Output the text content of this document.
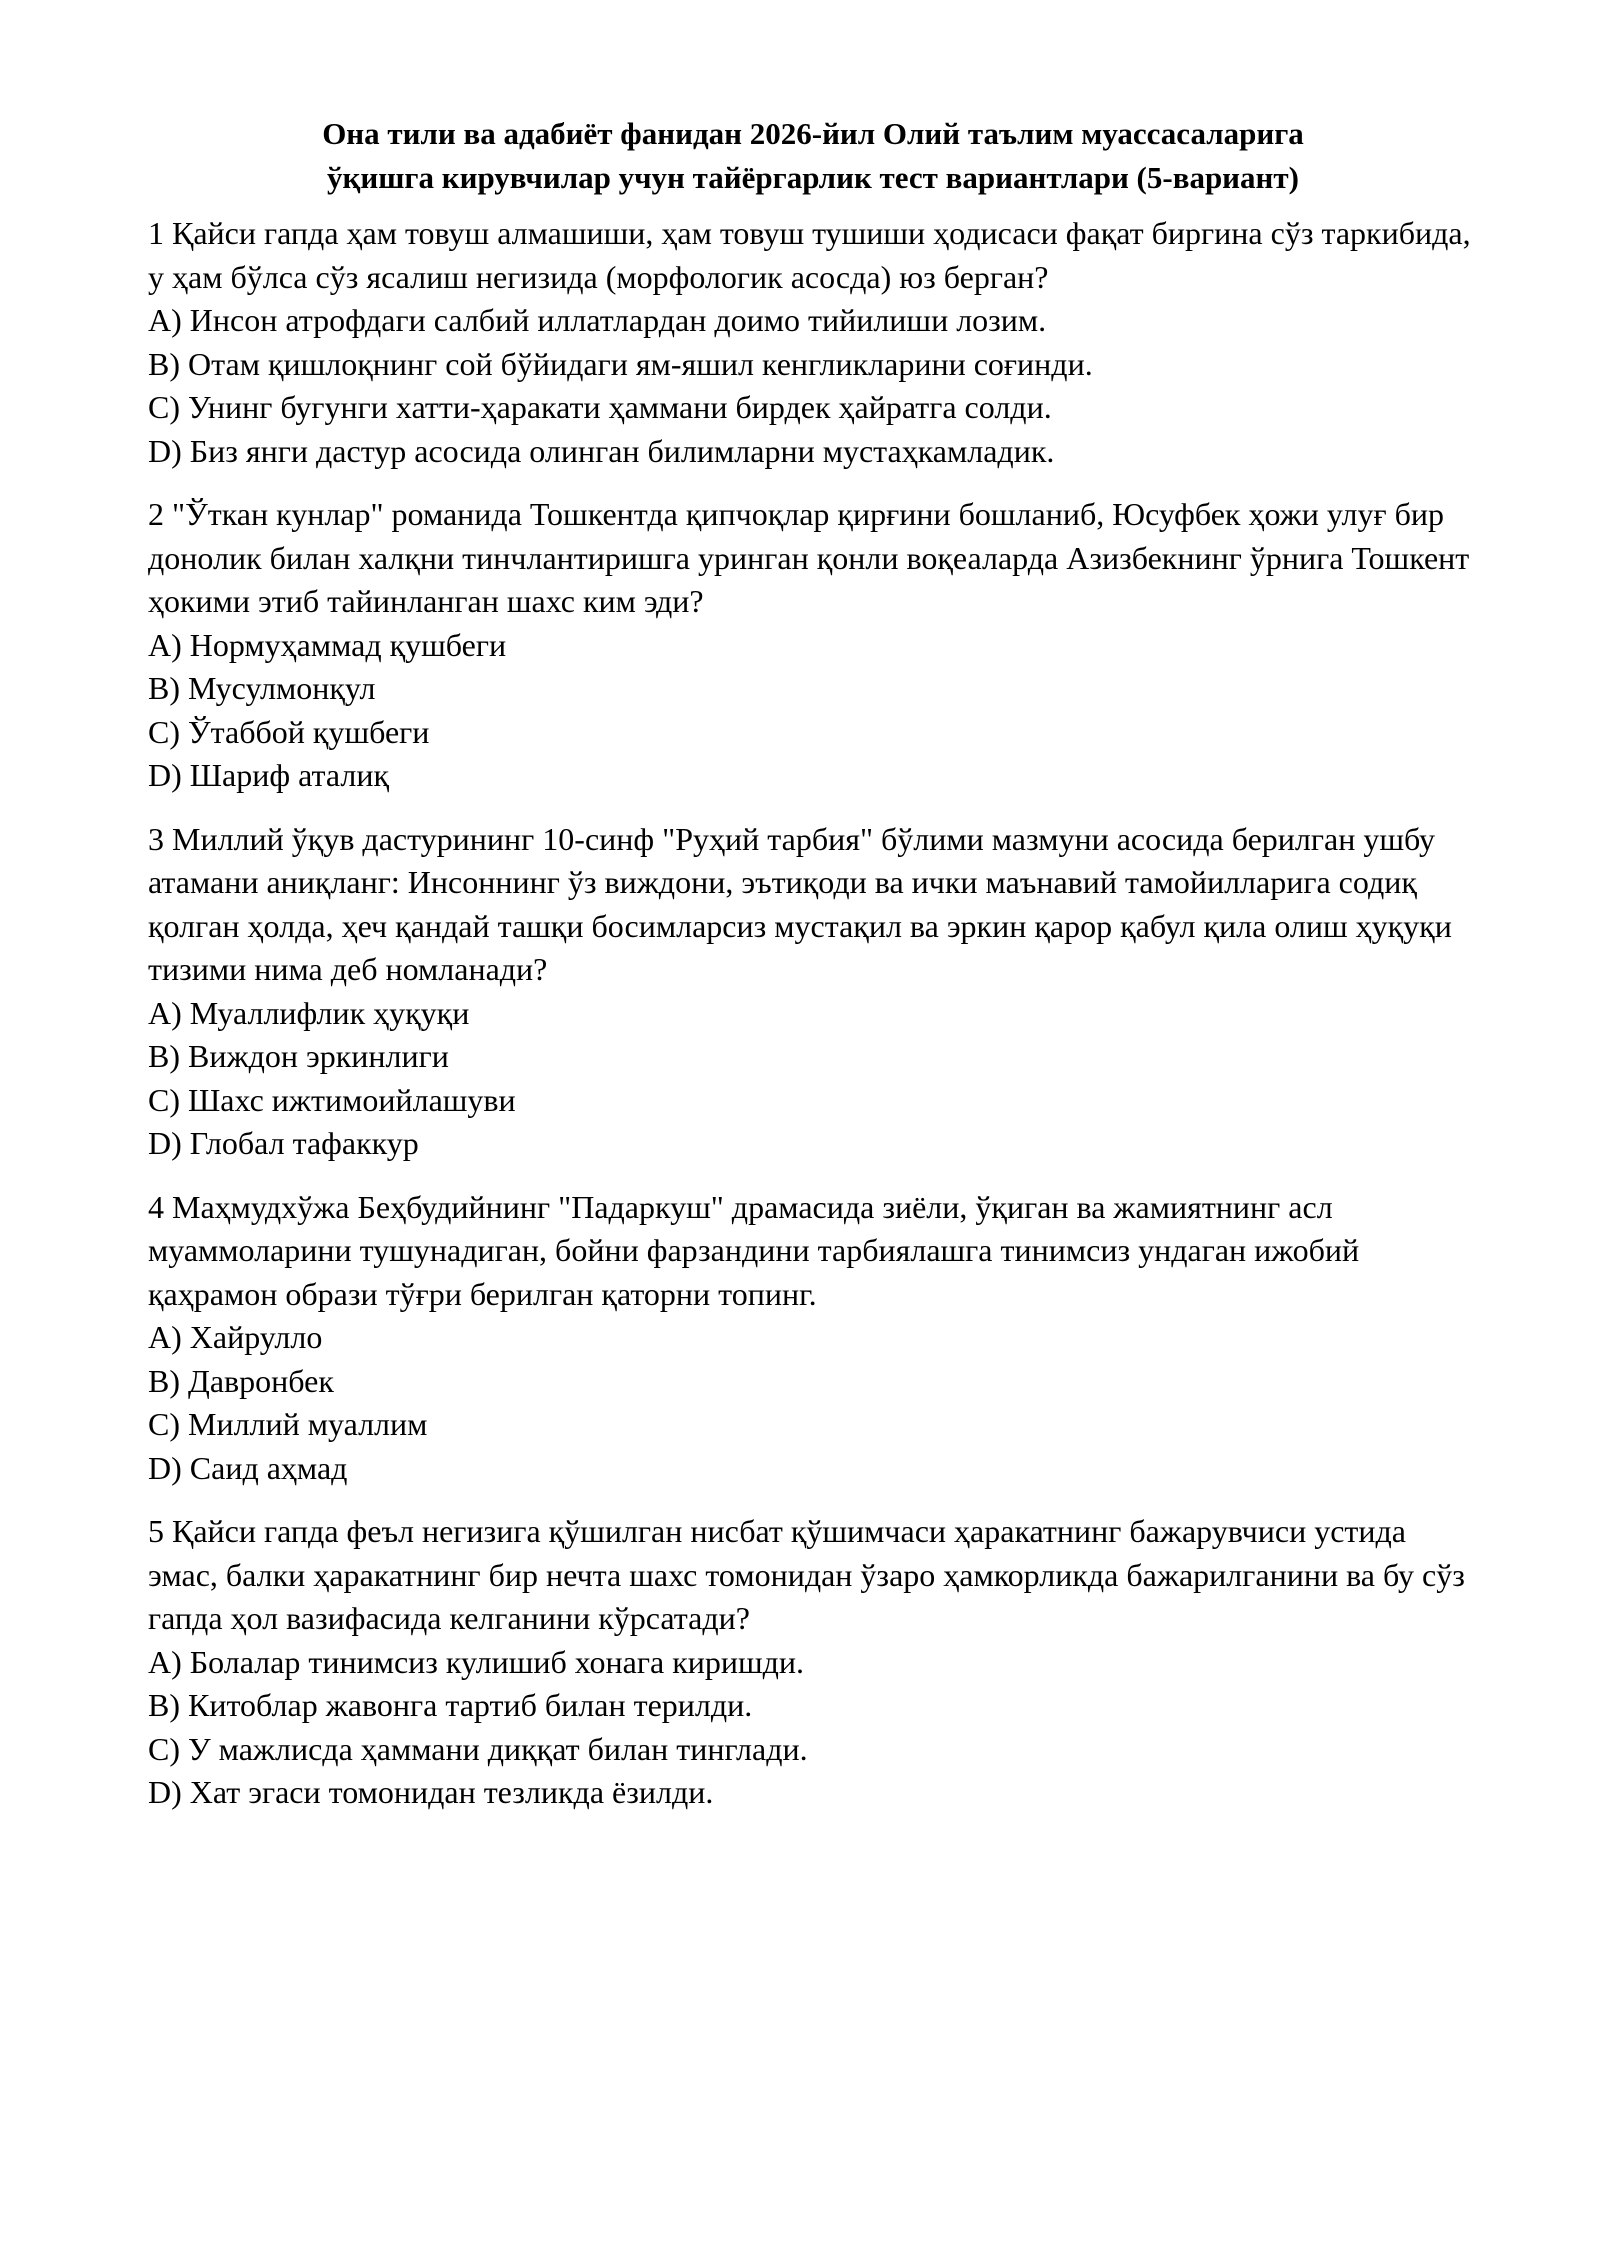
Она тили ва адабиёт фанидан 2026-йил Олий таълим муассасаларига
ўқишга кирувчилар учун тайёргарлик тест вариантлари (5-вариант)

1 Қайси гапда ҳам товуш алмашиши, ҳам товуш тушиши ҳодисаси фақат биргина сўз таркибида, у ҳам бўлса сўз ясалиш негизида (морфологик асосда) юз берган?

A) Инсон атрофдаги салбий иллатлардан доимо тийилиши лозим.
B) Отам қишлоқнинг сой бўйидаги ям-яшил кенгликларини соғинди.
C) Унинг бугунги хатти-ҳаракати ҳаммани бирдек ҳайратга солди.
D) Биз янги дастур асосида олинган билимларни мустаҳкамладик.

2 "Ўткан кунлар" романида Тошкентда қипчоқлар қирғини бошланиб, Юсуфбек ҳожи улуғ бир донолик билан халқни тинчлантиришга уринган қонли воқеаларда Азизбекнинг ўрнига Тошкент ҳокими этиб тайинланган шахс ким эди?

A) Нормуҳаммад қушбеги
B) Мусулмонқул
C) Ўтаббой қушбеги
D) Шариф аталиқ

3 Миллий ўқув дастурининг 10-синф "Руҳий тарбия" бўлими мазмуни асосида берилган ушбу атамани аниқланг: Инсоннинг ўз виждони, эътиқоди ва ички маънавий тамойилларига содиқ қолган ҳолда, ҳеч қандай ташқи босимларсиз мустақил ва эркин қарор қабул қила олиш ҳуқуқи тизими нима деб номланади?

A) Муаллифлик ҳуқуқи
B) Виждон эркинлиги
C) Шахс ижтимоийлашуви
D) Глобал тафаккур

4 Маҳмудхўжа Беҳбудийнинг "Падаркуш" драмасида зиёли, ўқиган ва жамиятнинг асл муаммоларини тушунадиган, бойни фарзандини тарбиялашга тинимсиз ундаган ижобий қаҳрамон образи тўғри берилган қаторни топинг.

A) Хайрулло
B) Давронбек
C) Миллий муаллим
D) Саид аҳмад

5 Қайси гапда феъл негизига қўшилган нисбат қўшимчаси ҳаракатнинг бажарувчиси устида эмас, балки ҳаракатнинг бир нечта шахс томонидан ўзаро ҳамкорликда бажарилганини ва бу сўз гапда ҳол вазифасида келганини кўрсатади?

A) Болалар тинимсиз кулишиб хонага киришди.
B) Китоблар жавонга тартиб билан терилди.
C) У мажлисда ҳаммани диққат билан тинглади.
D) Хат эгаси томонидан тезликда ёзилди.
